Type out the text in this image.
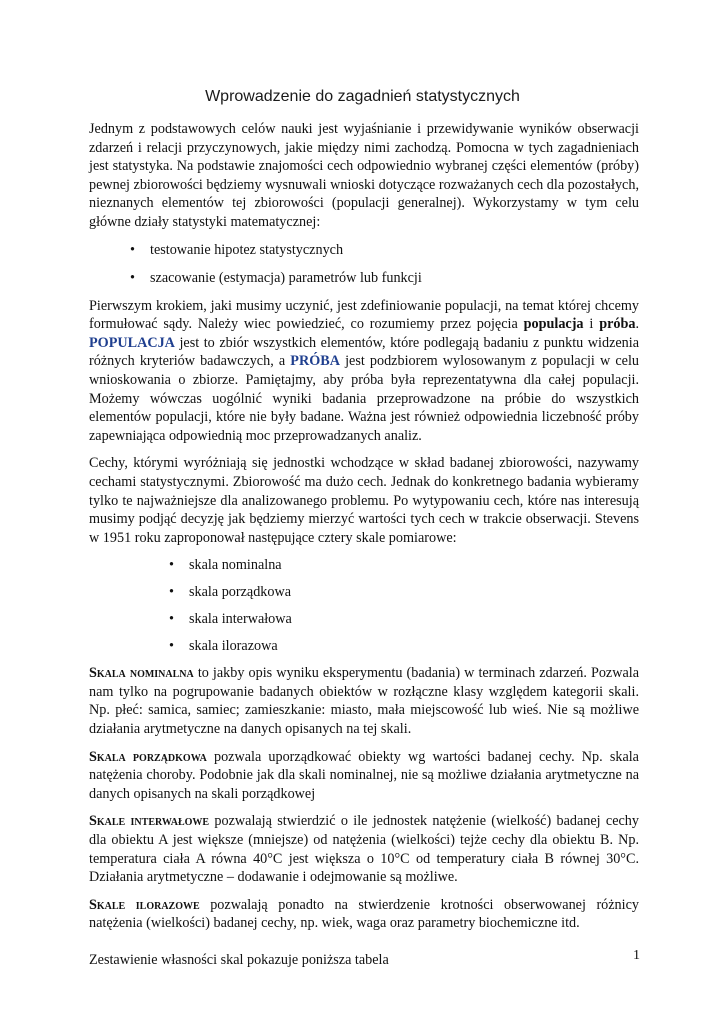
Wprowadzenie do zagadnień statystycznych

Jednym z podstawowych celów nauki jest wyjaśnianie i przewidywanie wyników obserwacji zdarzeń i relacji przyczynowych, jakie między nimi zachodzą. Pomocna w tych zagadnieniach jest statystyka. Na podstawie znajomości cech odpowiednio wybranej części elementów (próby) pewnej zbiorowości będziemy wysnuwali wnioski dotyczące rozważanych cech dla pozostałych, nieznanych elementów tej zbiorowości (populacji generalnej). Wykorzystamy w tym celu główne działy statystyki matematycznej:

• testowanie hipotez statystycznych
• szacowanie (estymacja) parametrów lub funkcji

Pierwszym krokiem, jaki musimy uczynić, jest zdefiniowanie populacji, na temat której chcemy formułować sądy. Należy wiec powiedzieć, co rozumiemy przez pojęcia populacja i próba. POPULACJA jest to zbiór wszystkich elementów, które podlegają badaniu z punktu widzenia różnych kryteriów badawczych, a PRÓBA jest podzbiorem wylosowanym z populacji w celu wnioskowania o zbiorze. Pamiętajmy, aby próba była reprezentatywna dla całej populacji. Możemy wówczas uogólnić wyniki badania przeprowadzone na próbie do wszystkich elementów populacji, które nie były badane. Ważna jest również odpowiednia liczebność próby zapewniająca odpowiednią moc przeprowadzanych analiz.

Cechy, którymi wyróżniają się jednostki wchodzące w skład badanej zbiorowości, nazywamy cechami statystycznymi. Zbiorowość ma dużo cech. Jednak do konkretnego badania wybieramy tylko te najważniejsze dla analizowanego problemu. Po wytypowaniu cech, które nas interesują musimy podjąć decyzję jak będziemy mierzyć wartości tych cech w trakcie obserwacji. Stevens w 1951 roku zaproponował następujące cztery skale pomiarowe:

• skala nominalna
• skala porządkowa
• skala interwałowa
• skala ilorazowa

Skala nominalna to jakby opis wyniku eksperymentu (badania) w terminach zdarzeń. Pozwala nam tylko na pogrupowanie badanych obiektów w rozłączne klasy względem kategorii skali. Np. płeć: samica, samiec; zamieszkanie: miasto, mała miejscowość lub wieś. Nie są możliwe działania arytmetyczne na danych opisanych na tej skali.

Skala porządkowa pozwala uporządkować obiekty wg wartości badanej cechy. Np. skala natężenia choroby. Podobnie jak dla skali nominalnej, nie są możliwe działania arytmetyczne na danych opisanych na skali porządkowej

Skale interwałowe pozwalają stwierdzić o ile jednostek natężenie (wielkość) badanej cechy dla obiektu A jest większe (mniejsze) od natężenia (wielkości) tejże cechy dla obiektu B. Np. temperatura ciała A równa 40°C jest większa o 10°C od temperatury ciała B równej 30°C. Działania arytmetyczne – dodawanie i odejmowanie są możliwe.

Skale ilorazowe pozwalają ponadto na stwierdzenie krotności obserwowanej różnicy natężenia (wielkości) badanej cechy, np. wiek, waga oraz parametry biochemiczne itd.

Zestawienie własności skal pokazuje poniższa tabela	1
